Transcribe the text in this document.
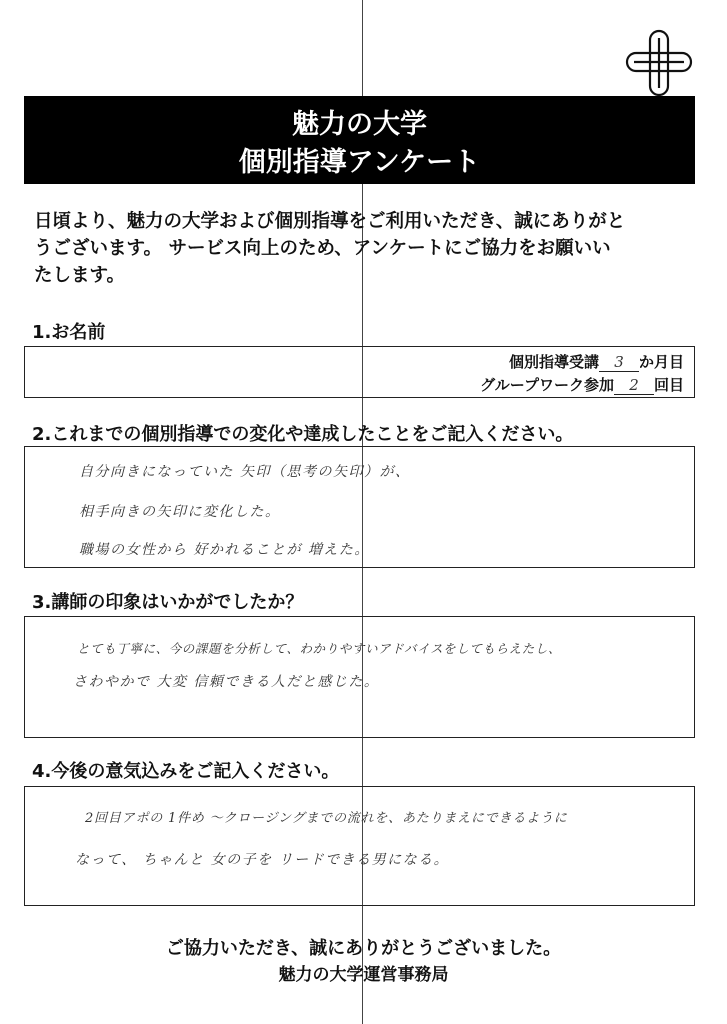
魅力の大学
個別指導アンケート
日頃より、魅力の大学および個別指導をご利用いただき、誠にありがと
うございます。 サービス向上のため、アンケートにご協力をお願いい
たします。
1.お名前
個別指導受講 3 か月目
グループワーク参加 2 回目
2.これまでの個別指導での変化や達成したことをご記入ください。
自分向きになっていた 矢印（思考の矢印）が、
相手向きの矢印に変化した。
職場の女性から 好かれることが 増えた。
3.講師の印象はいかがでしたか？
とても丁寧に、今の課題を分析して、わかりやすいアドバイスをしてもらえたし、
さわやかで 大変 信頼できる人だと感じた。
4.今後の意気込みをご記入ください。
2回目アポの 1件め ～クロージングまでの流れを、あたりまえにできるように
なって、 ちゃんと 女の子を リードできる男になる。
ご協力いただき、誠にありがとうございました。
魅力の大学運営事務局
